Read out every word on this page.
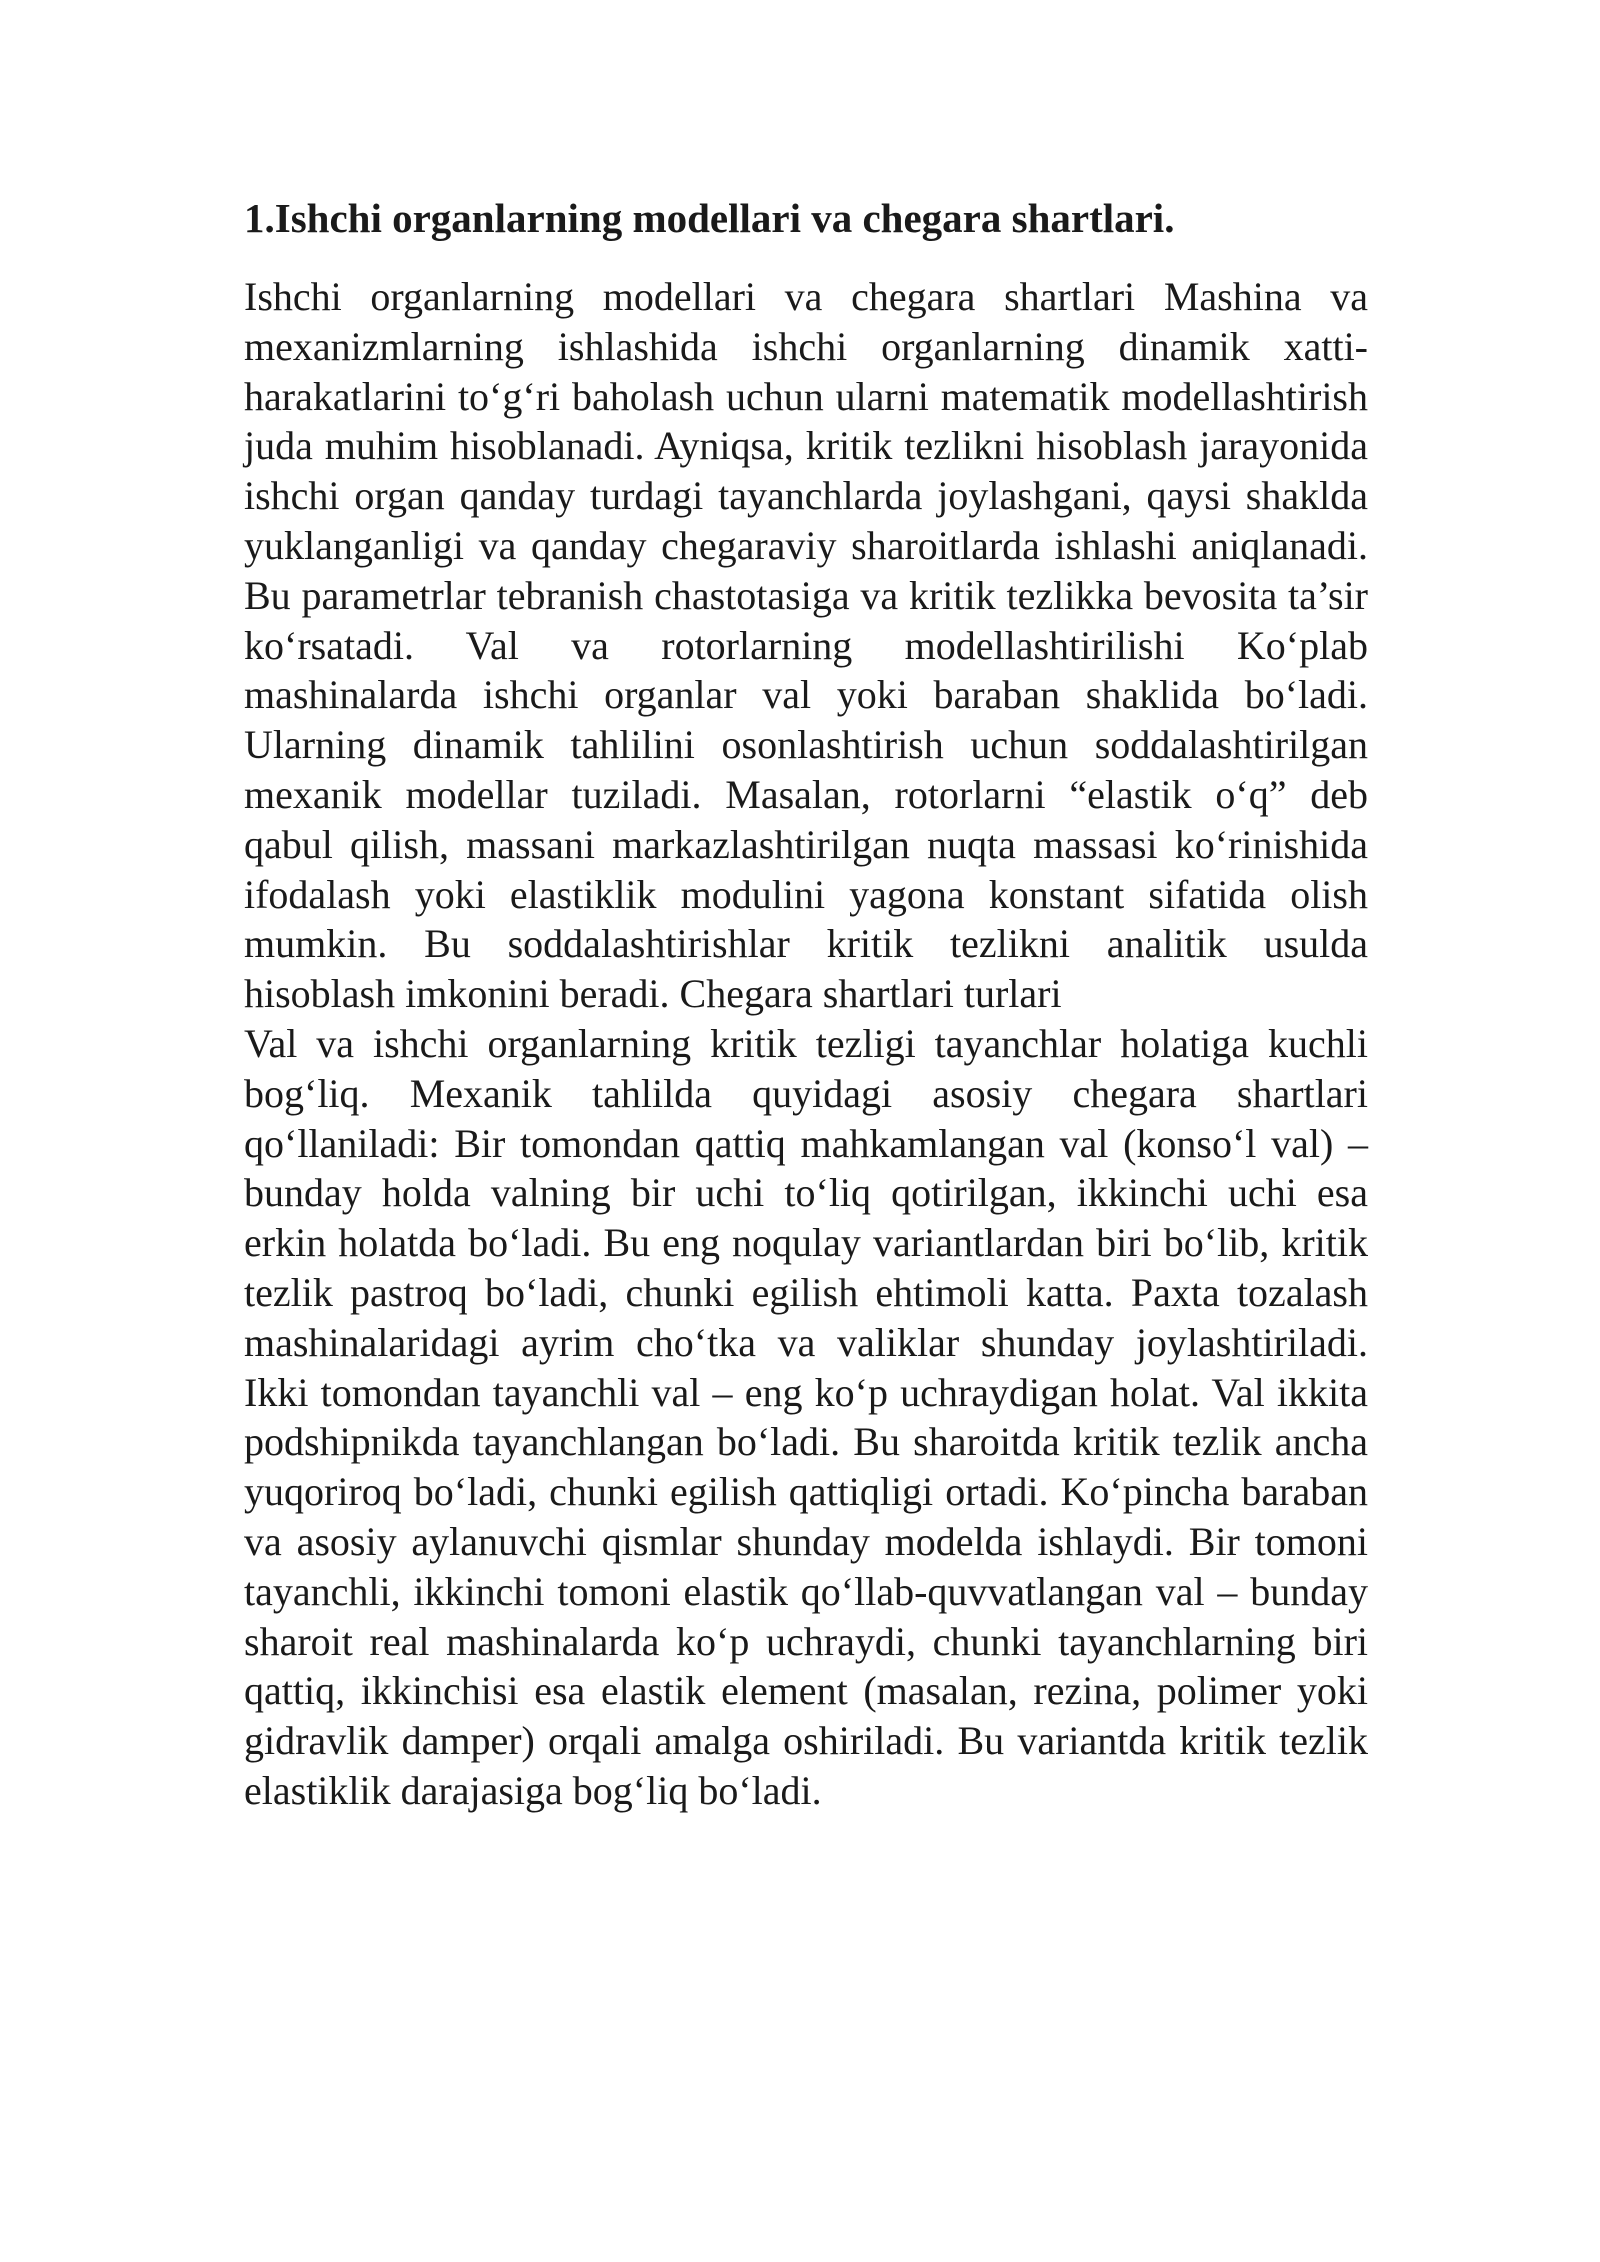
1.Ishchi organlarning modellari va chegara shartlari.

Ishchi organlarning modellari va chegara shartlari Mashina va mexanizmlarning ishlashida ishchi organlarning dinamik xatti-harakatlarini to‘g‘ri baholash uchun ularni matematik modellashtirish juda muhim hisoblanadi. Ayniqsa, kritik tezlikni hisoblash jarayonida ishchi organ qanday turdagi tayanchlarda joylashgani, qaysi shaklda yuklanganligi va qanday chegaraviy sharoitlarda ishlashi aniqlanadi. Bu parametrlar tebranish chastotasiga va kritik tezlikka bevosita ta’sir ko‘rsatadi. Val va rotorlarning modellashtirilishi Ko‘plab mashinalarda ishchi organlar val yoki baraban shaklida bo‘ladi. Ularning dinamik tahlilini osonlashtirish uchun soddalashtirilgan mexanik modellar tuziladi. Masalan, rotorlarni “elastik o‘q” deb qabul qilish, massani markazlashtirilgan nuqta massasi ko‘rinishida ifodalash yoki elastiklik modulini yagona konstant sifatida olish mumkin. Bu soddalashtirishlar kritik tezlikni analitik usulda hisoblash imkonini beradi. Chegara shartlari turlari

Val va ishchi organlarning kritik tezligi tayanchlar holatiga kuchli bog‘liq. Mexanik tahlilda quyidagi asosiy chegara shartlari qo‘llaniladi: Bir tomondan qattiq mahkamlangan val (konso‘l val) – bunday holda valning bir uchi to‘liq qotirilgan, ikkinchi uchi esa erkin holatda bo‘ladi. Bu eng noqulay variantlardan biri bo‘lib, kritik tezlik pastroq bo‘ladi, chunki egilish ehtimoli katta. Paxta tozalash mashinalaridagi ayrim cho‘tka va valiklar shunday joylashtiriladi. Ikki tomondan tayanchli val – eng ko‘p uchraydigan holat. Val ikkita podshipnikda tayanchlangan bo‘ladi. Bu sharoitda kritik tezlik ancha yuqoriroq bo‘ladi, chunki egilish qattiqligi ortadi. Ko‘pincha baraban va asosiy aylanuvchi qismlar shunday modelda ishlaydi. Bir tomoni tayanchli, ikkinchi tomoni elastik qo‘llab-quvvatlangan val – bunday sharoit real mashinalarda ko‘p uchraydi, chunki tayanchlarning biri qattiq, ikkinchisi esa elastik element (masalan, rezina, polimer yoki gidravlik damper) orqali amalga oshiriladi. Bu variantda kritik tezlik elastiklik darajasiga bog‘liq bo‘ladi.
